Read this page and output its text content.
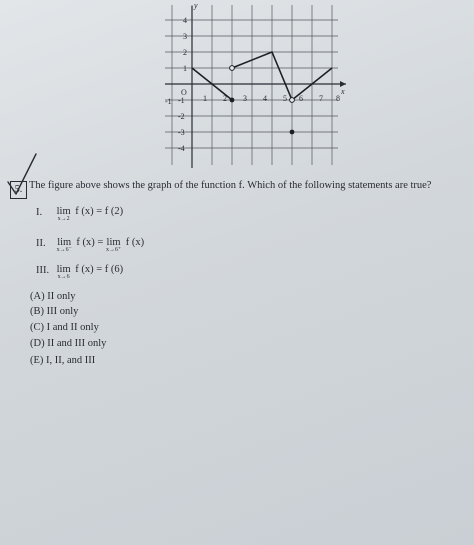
y
x
O
-1	1 2 3 4 5 6 7 8
4
3
2
1
-1
-2
-3
-4
5. The figure above shows the graph of the function f. Which of the following statements are true?
I. lim
x→2
f (x) = f (2)
II. lim
x→6⁻
f (x) = lim
x→6⁺
f (x)
III. lim
x→6
f (x) = f (6)
(A) II only
(B) III only
(C) I and II only
(D) II and III only
(E) I, II, and III
